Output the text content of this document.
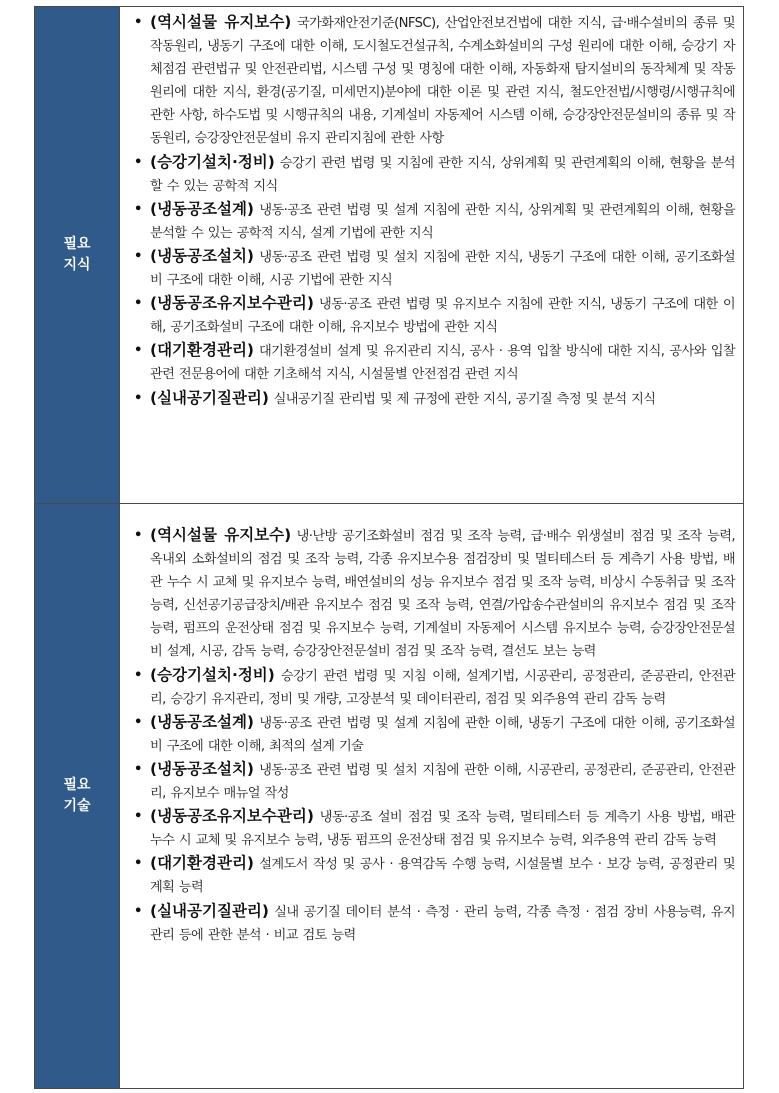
필요
지식

• (역시설물 유지보수) 국가화재안전기준(NFSC), 산업안전보건법에 대한 지식, 급·배수설비의 종류 및 작동원리, 냉동기 구조에 대한 이해, 도시철도건설규칙, 수계소화설비의 구성 원리에 대한 이해, 승강기 자체점검 관련법규 및 안전관리법, 시스템 구성 및 명칭에 대한 이해, 자동화재 탐지설비의 동작체계 및 작동원리에 대한 지식, 환경(공기질, 미세먼지)분야에 대한 이론 및 관련 지식, 철도안전법/시행령/시행규칙에 관한 사항, 하수도법 및 시행규칙의 내용, 기계설비 자동제어 시스템 이해, 승강장안전문설비의 종류 및 작동원리, 승강장안전문설비 유지 관리지침에 관한 사항

• (승강기설치·정비) 승강기 관련 법령 및 지침에 관한 지식, 상위계획 및 관련계획의 이해, 현황을 분석할 수 있는 공학적 지식

• (냉동공조설계) 냉동·공조 관련 법령 및 설계 지침에 관한 지식, 상위계획 및 관련계획의 이해, 현황을 분석할 수 있는 공학적 지식, 설계 기법에 관한 지식

• (냉동공조설치) 냉동·공조 관련 법령 및 설치 지침에 관한 지식, 냉동기 구조에 대한 이해, 공기조화설비 구조에 대한 이해, 시공 기법에 관한 지식

• (냉동공조유지보수관리) 냉동·공조 관련 법령 및 유지보수 지침에 관한 지식, 냉동기 구조에 대한 이해, 공기조화설비 구조에 대한 이해, 유지보수 방법에 관한 지식

• (대기환경관리) 대기환경설비 설계 및 유지관리 지식, 공사 · 용역 입찰 방식에 대한 지식, 공사와 입찰관련 전문용어에 대한 기초해석 지식, 시설물별 안전점검 관련 지식

• (실내공기질관리) 실내공기질 관리법 및 제 규정에 관한 지식, 공기질 측정 및 분석 지식

필요
기술

• (역시설물 유지보수) 냉·난방 공기조화설비 점검 및 조작 능력, 급·배수 위생설비 점검 및 조작 능력, 옥내외 소화설비의 점검 및 조작 능력, 각종 유지보수용 점검장비 및 멀티테스터 등 계측기 사용 방법, 배관 누수 시 교체 및 유지보수 능력, 배연설비의 성능 유지보수 점검 및 조작 능력, 비상시 수동취급 및 조작 능력, 신선공기공급장치/배관 유지보수 점검 및 조작 능력, 연결/가압송수관설비의 유지보수 점검 및 조작 능력, 펌프의 운전상태 점검 및 유지보수 능력, 기계설비 자동제어 시스템 유지보수 능력, 승강장안전문설비 설계, 시공, 감독 능력, 승강장안전문설비 점검 및 조작 능력, 결선도 보는 능력

• (승강기설치·정비) 승강기 관련 법령 및 지침 이해, 설계기법, 시공관리, 공정관리, 준공관리, 안전관리, 승강기 유지관리, 정비 및 개량, 고장분석 및 데이터관리, 점검 및 외주용역 관리 감독 능력

• (냉동공조설계) 냉동·공조 관련 법령 및 설계 지침에 관한 이해, 냉동기 구조에 대한 이해, 공기조화설비 구조에 대한 이해, 최적의 설계 기술

• (냉동공조설치) 냉동·공조 관련 법령 및 설치 지침에 관한 이해, 시공관리, 공정관리, 준공관리, 안전관리, 유지보수 매뉴얼 작성

• (냉동공조유지보수관리) 냉동·공조 설비 점검 및 조작 능력, 멀티테스터 등 계측기 사용 방법, 배관 누수 시 교체 및 유지보수 능력, 냉동 펌프의 운전상태 점검 및 유지보수 능력, 외주용역 관리 감독 능력

• (대기환경관리) 설계도서 작성 및 공사 · 용역감독 수행 능력, 시설물별 보수 · 보강 능력, 공정관리 및 계획 능력

• (실내공기질관리) 실내 공기질 데이터 분석 · 측정 · 관리 능력, 각종 측정 · 점검 장비 사용능력, 유지관리 등에 관한 분석 · 비교 검토 능력
